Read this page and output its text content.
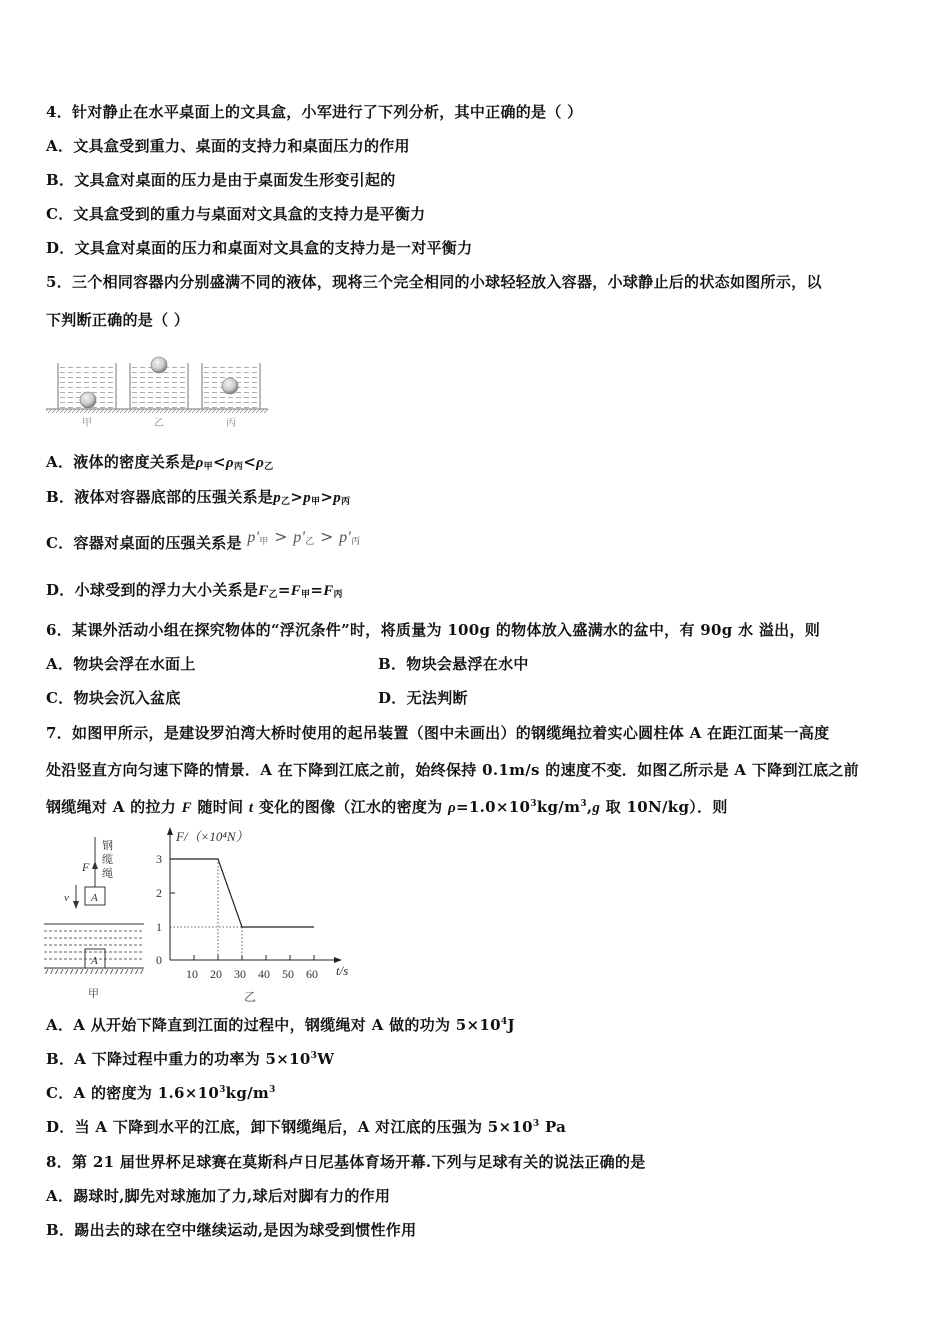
4．针对静止在水平桌面上的文具盒，小军进行了下列分析，其中正确的是（ ）
A．文具盒受到重力、桌面的支持力和桌面压力的作用
B．文具盒对桌面的压力是由于桌面发生形变引起的
C．文具盒受到的重力与桌面对文具盒的支持力是平衡力
D．文具盒对桌面的压力和桌面对文具盒的支持力是一对平衡力
5．三个相同容器内分别盛满不同的液体，现将三个完全相同的小球轻轻放入容器，小球静止后的状态如图所示，以
下判断正确的是（ ）
甲	乙	丙
A．液体的密度关系是$\rho_甲<\rho_丙<\rho_乙$
B．液体对容器底部的压强关系是$p_乙>p_甲>p_丙$
C．容器对桌面的压强关系是 $p'_甲 > p'_乙 > p'_丙$
D．小球受到的浮力大小关系是$F_乙=F_甲=F_丙$
6．某课外活动小组在探究物体的“浮沉条件”时，将质量为 100g 的物体放入盛满水的盆中，有 90g 水 溢出，则
A．物块会浮在水面上	B．物块会悬浮在水中
C．物块会沉入盆底	D．无法判断
7．如图甲所示，是建设罗泊湾大桥时使用的起吊装置（图中未画出）的钢缆绳拉着实心圆柱体 A 在距江面某一高度
处沿竖直方向匀速下降的情景．A 在下降到江底之前，始终保持 0.1m/s 的速度不变．如图乙所示是 A 下降到江底之前
钢缆绳对 A 的拉力 F 随时间 t 变化的图像（江水的密度为 $\rho=1.0\times 10^3kg/m^3,g$ 取 10N/kg）．则
F
钢
缆
绳
A
v
A
甲
F/（×10⁴N）
t/s
0
1
2
3
10 20 30 40 50 60
乙
A．A 从开始下降直到江面的过程中，钢缆绳对 A 做的功为 $5\times 10^4J$
B．A 下降过程中重力的功率为 $5\times 10^3W$
C．A 的密度为 $1.6\times 10^3kg/m^3$
D．当 A 下降到水平的江底，卸下钢缆绳后，A 对江底的压强为 $5\times 10^3$ Pa
8．第 21 届世界杯足球赛在莫斯科卢日尼基体育场开幕.下列与足球有关的说法正确的是
A．踢球时,脚先对球施加了力,球后对脚有力的作用
B．踢出去的球在空中继续运动,是因为球受到惯性作用
